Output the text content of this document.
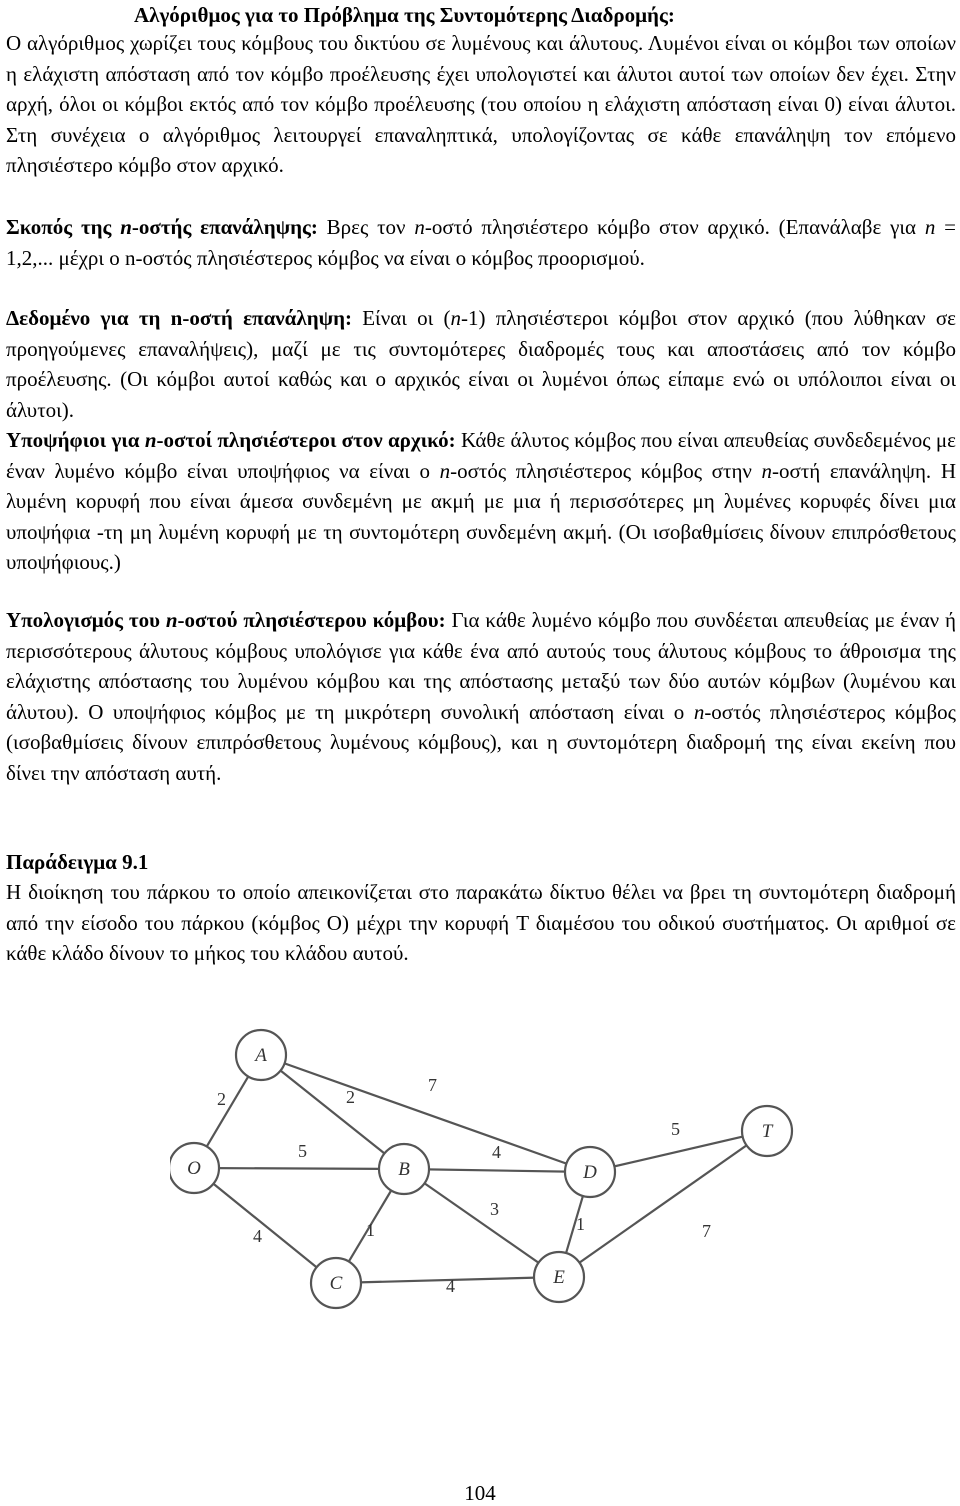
Αλγόριθμος για το Πρόβλημα της Συντομότερης Διαδρομής:
Ο αλγόριθμος χωρίζει τους κόμβους του δικτύου σε λυμένους και άλυτους. Λυμένοι είναι οι κόμβοι των οποίων η ελάχιστη απόσταση από τον κόμβο προέλευσης έχει υπολογιστεί και άλυτοι αυτοί των οποίων δεν έχει. Στην αρχή, όλοι οι κόμβοι εκτός από τον κόμβο προέλευσης (του οποίου η ελάχιστη απόσταση είναι 0) είναι άλυτοι. Στη συνέχεια ο αλγόριθμος λειτουργεί επαναληπτικά, υπολογίζοντας σε κάθε επανάληψη τον επόμενο πλησιέστερο κόμβο στον αρχικό.
Σκοπός της n-οστής επανάληψης: Βρες τον n-οστό πλησιέστερο κόμβο στον αρχικό. (Επανάλαβε για n = 1,2,... μέχρι ο n-οστός πλησιέστερος κόμβος να είναι ο κόμβος προορισμού.
Δεδομένο για τη n-οστή επανάληψη: Είναι οι (n-1) πλησιέστεροι κόμβοι στον αρχικό (που λύθηκαν σε προηγούμενες επαναλήψεις), μαζί με τις συντομότερες διαδρομές τους και αποστάσεις από τον κόμβο προέλευσης. (Οι κόμβοι αυτοί καθώς και ο αρχικός είναι οι λυμένοι όπως είπαμε ενώ οι υπόλοιποι είναι οι άλυτοι).
Υποψήφιοι για n-οστοί πλησιέστεροι στον αρχικό: Κάθε άλυτος κόμβος που είναι απευθείας συνδεδεμένος με έναν λυμένο κόμβο είναι υποψήφιος να είναι ο n-οστός πλησιέστερος κόμβος στην n-οστή επανάληψη. Η λυμένη κορυφή που είναι άμεσα συνδεμένη με ακμή με μια ή περισσότερες μη λυμένες κορυφές δίνει μια υποψήφια -τη μη λυμένη κορυφή με τη συντομότερη συνδεμένη ακμή. (Οι ισοβαθμίσεις δίνουν επιπρόσθετους υποψήφιους.)
Υπολογισμός του n-οστού πλησιέστερου κόμβου: Για κάθε λυμένο κόμβο που συνδέεται απευθείας με έναν ή περισσότερους άλυτους κόμβους υπολόγισε για κάθε ένα από αυτούς τους άλυτους κόμβους το άθροισμα της ελάχιστης απόστασης του λυμένου κόμβου και της απόστασης μεταξύ των δύο αυτών κόμβων (λυμένου και άλυτου). Ο υποψήφιος κόμβος με τη μικρότερη συνολική απόσταση είναι ο n-οστός πλησιέστερος κόμβος (ισοβαθμίσεις δίνουν επιπρόσθετους λυμένους κόμβους), και η συντομότερη διαδρομή της είναι εκείνη που δίνει την απόσταση αυτή.
Παράδειγμα 9.1
Η διοίκηση του πάρκου το οποίο απεικονίζεται στο παρακάτω δίκτυο θέλει να βρει τη συντομότερη διαδρομή από την είσοδο του πάρκου (κόμβος O) μέχρι την κορυφή T διαμέσου του οδικού συστήματος. Οι αριθμοί σε κάθε κλάδο δίνουν το μήκος του κλάδου αυτού.
A
O	B
C
D
E
T
2	2
7
5	4
5
4	1
3
4
1	7
104
